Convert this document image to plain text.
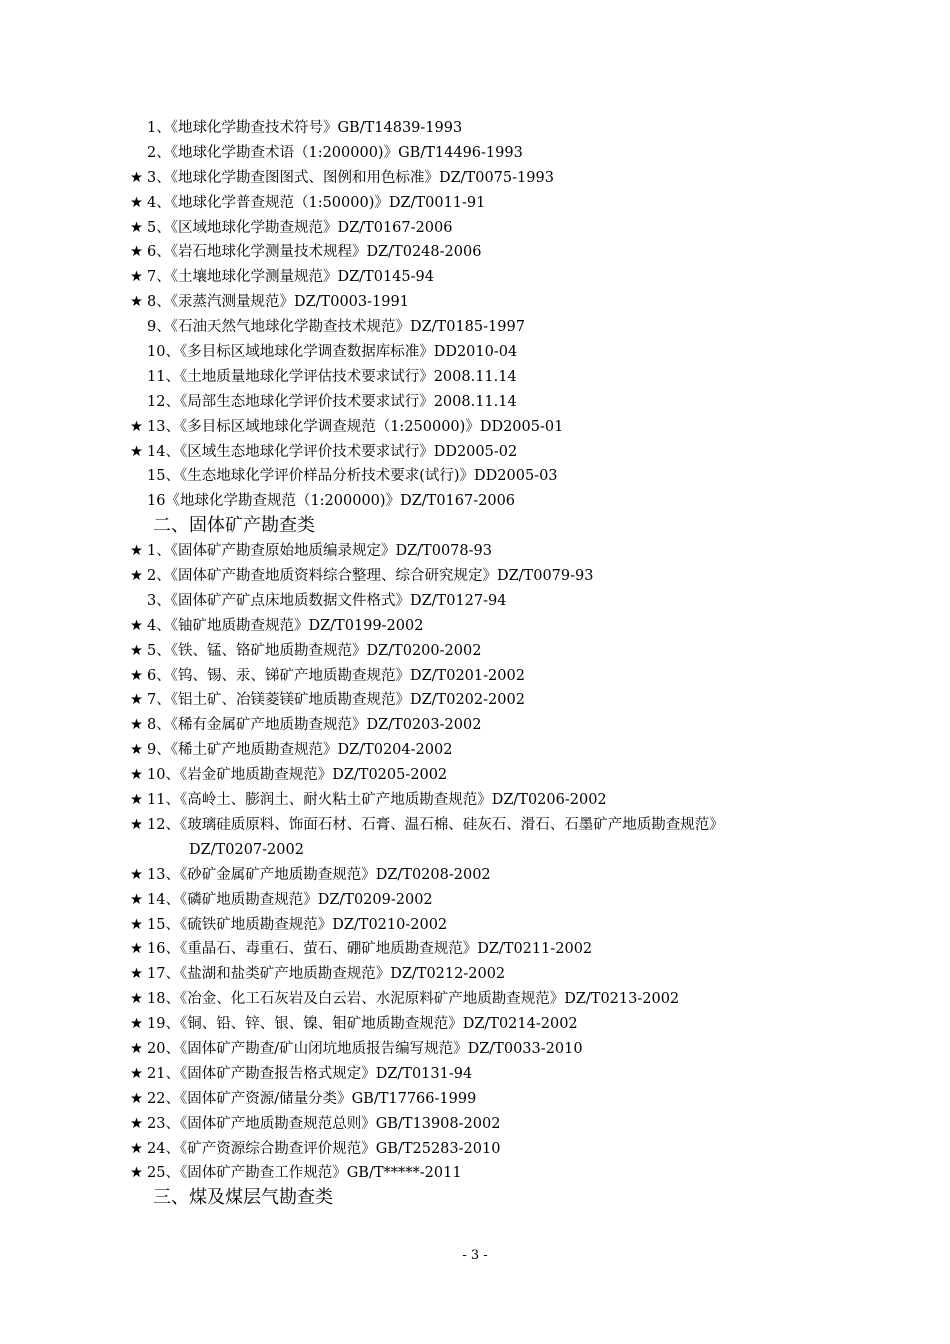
1、《地球化学勘查技术符号》GB/T14839-1993
2、《地球化学勘查术语（1:200000)》GB/T14496-1993
★ 3、《地球化学勘查图图式、图例和用色标准》DZ/T0075-1993
★ 4、《地球化学普查规范（1:50000)》DZ/T0011-91
★ 5、《区域地球化学勘查规范》DZ/T0167-2006
★ 6、《岩石地球化学测量技术规程》DZ/T0248-2006
★ 7、《土壤地球化学测量规范》DZ/T0145-94
★ 8、《汞蒸汽测量规范》DZ/T0003-1991
9、《石油天然气地球化学勘查技术规范》DZ/T0185-1997
10、《多目标区域地球化学调查数据库标准》DD2010-04
11、《土地质量地球化学评估技术要求试行》2008.11.14
12、《局部生态地球化学评价技术要求试行》2008.11.14
★ 13、《多目标区域地球化学调查规范（1:250000)》DD2005-01
★ 14、《区域生态地球化学评价技术要求试行》DD2005-02
15、《生态地球化学评价样品分析技术要求(试行)》DD2005-03
16《地球化学勘查规范（1:200000)》DZ/T0167-2006
二、固体矿产勘查类
★ 1、《固体矿产勘查原始地质编录规定》DZ/T0078-93
★ 2、《固体矿产勘查地质资料综合整理、综合研究规定》DZ/T0079-93
3、《固体矿产矿点床地质数据文件格式》DZ/T0127-94
★ 4、《铀矿地质勘查规范》DZ/T0199-2002
★ 5、《铁、锰、铬矿地质勘查规范》DZ/T0200-2002
★ 6、《钨、锡、汞、锑矿产地质勘查规范》DZ/T0201-2002
★ 7、《铝土矿、冶镁菱镁矿地质勘查规范》DZ/T0202-2002
★ 8、《稀有金属矿产地质勘查规范》DZ/T0203-2002
★ 9、《稀土矿产地质勘查规范》DZ/T0204-2002
★ 10、《岩金矿地质勘查规范》DZ/T0205-2002
★ 11、《高岭土、膨润土、耐火粘土矿产地质勘查规范》DZ/T0206-2002
★ 12、《玻璃硅质原料、饰面石材、石膏、温石棉、硅灰石、滑石、石墨矿产地质勘查规范》
DZ/T0207-2002
★ 13、《砂矿金属矿产地质勘查规范》DZ/T0208-2002
★ 14、《磷矿地质勘查规范》DZ/T0209-2002
★ 15、《硫铁矿地质勘查规范》DZ/T0210-2002
★ 16、《重晶石、毒重石、萤石、硼矿地质勘查规范》DZ/T0211-2002
★ 17、《盐湖和盐类矿产地质勘查规范》DZ/T0212-2002
★ 18、《冶金、化工石灰岩及白云岩、水泥原料矿产地质勘查规范》DZ/T0213-2002
★ 19、《铜、铅、锌、银、镍、钼矿地质勘查规范》DZ/T0214-2002
★ 20、《固体矿产勘查/矿山闭坑地质报告编写规范》DZ/T0033-2010
★ 21、《固体矿产勘查报告格式规定》DZ/T0131-94
★ 22、《固体矿产资源/储量分类》GB/T17766-1999
★ 23、《固体矿产地质勘查规范总则》GB/T13908-2002
★ 24、《矿产资源综合勘查评价规范》GB/T25283-2010
★ 25、《固体矿产勘查工作规范》GB/T*****-2011
三、煤及煤层气勘查类
- 3 -
